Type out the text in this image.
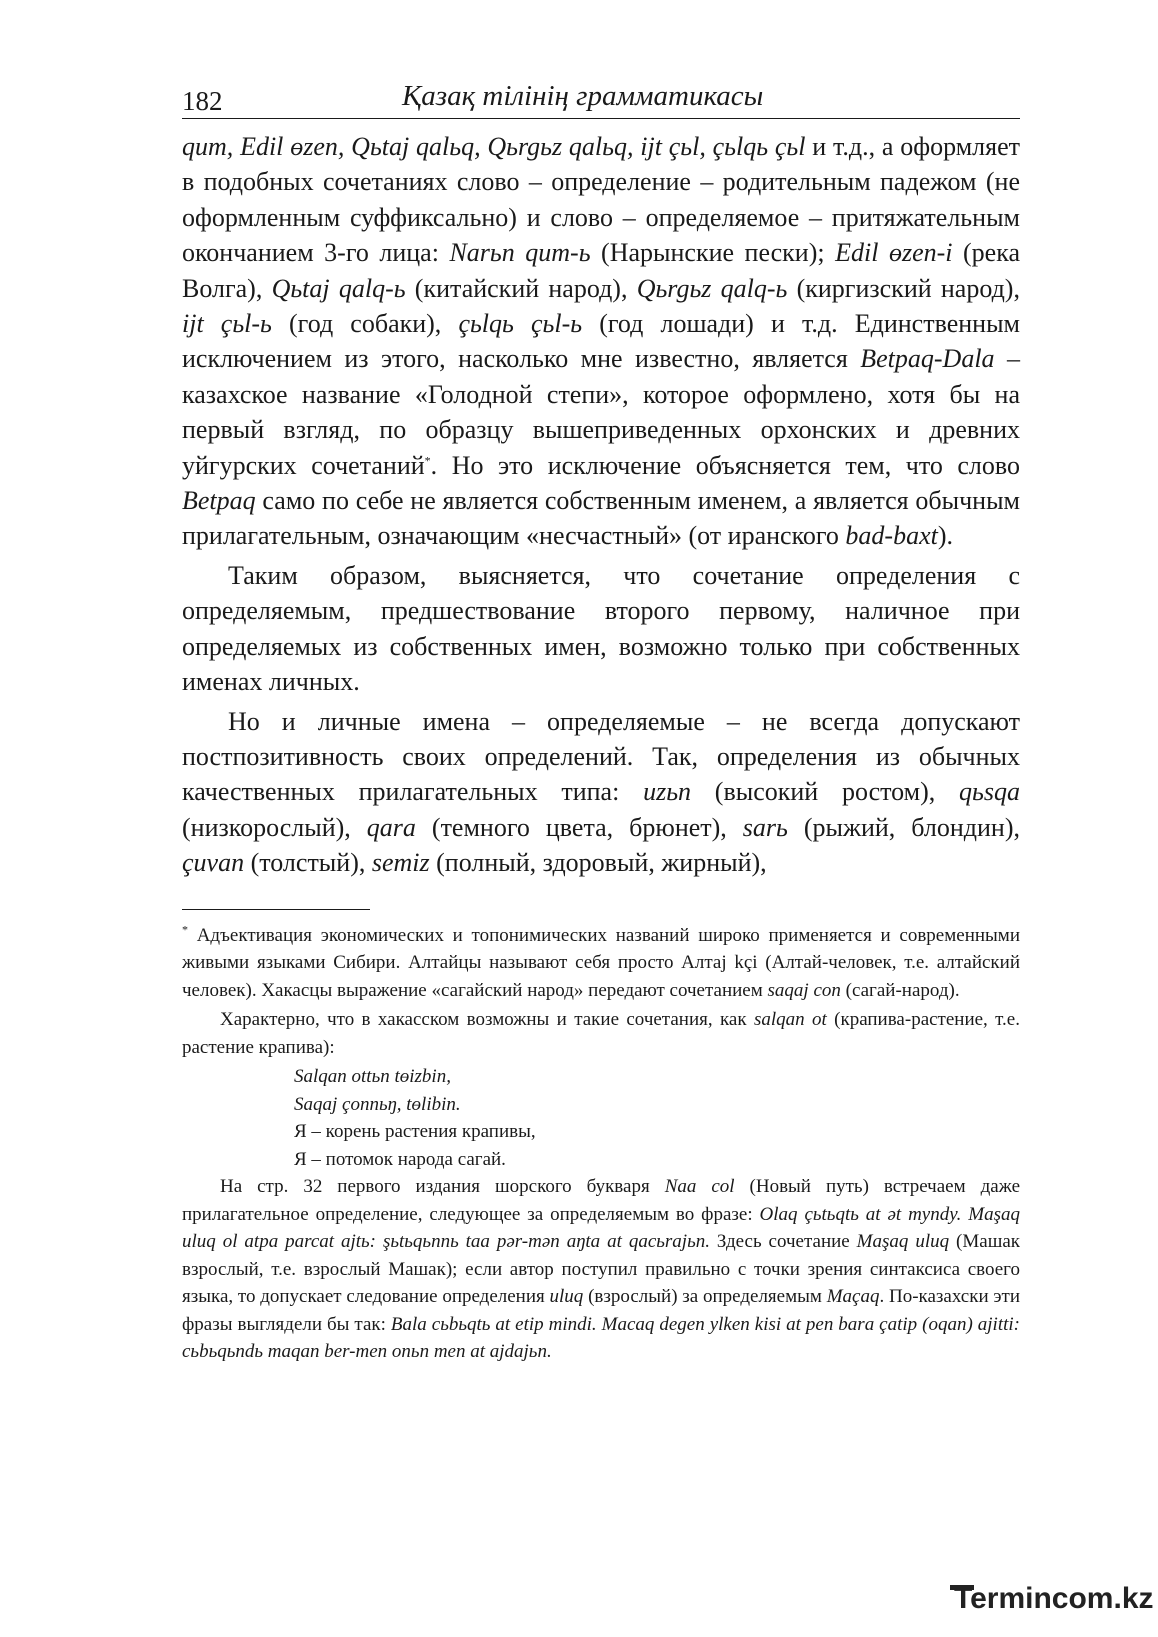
182	Қазақ тілінің грамматикасы

qum, Edil ɵzen, Qьtaj qalьq, Qьrgьz qalьq, ijt çьl, çьlqь çьl и т.д., а оформляет в подобных сочетаниях слово – определение – родительным падежом (не оформленным суффиксально) и слово – определяемое – притяжательным окончанием 3-го лица: Narьn qum-ь (Нарынские пески); Edil ɵzen-i (река Волга), Qьtaj qalq-ь (китайский народ), Qьrgьz qalq-ь (киргизский народ), ijt çьl-ь (год собаки), çьlqь çьl-ь (год лошади) и т.д. Единственным исключением из этого, насколько мне известно, является Betpaq-Dala – казахское название «Голодной степи», которое оформлено, хотя бы на первый взгляд, по образцу вышеприведенных орхонских и древних уйгурских сочетаний*. Но это исключение объясняется тем, что слово Betpaq само по себе не является собственным именем, а является обычным прилагательным, означающим «несчастный» (от иранского bad-baxt).

Таким образом, выясняется, что сочетание определения с определяемым, предшествование второго первому, наличное при определяемых из собственных имен, возможно только при собственных именах личных.

Но и личные имена – определяемые – не всегда допускают постпозитивность своих определений. Так, определения из обычных качественных прилагательных типа: uzьn (высокий ростом), qьsqa (низкорослый), qara (темного цвета, брюнет), sarь (рыжий, блондин), çuvan (толстый), semiz (полный, здоровый, жирный),

* Адъективация экономических и топонимических названий широко применяется и современными живыми языками Сибири. Алтайцы называют себя просто Алтај kçi (Алтай-человек, т.е. алтайский человек). Хакасцы выражение «сагайский народ» передают сочетанием saqaj con (сагай-народ).

Характерно, что в хакасском возможны и такие сочетания, как salqan ot (крапива-растение, т.е. растение крапива):

Salqan ottьn tɵizbin,
Saqaj çonnьŋ, tɵlibin.
Я – корень растения крапивы,
Я – потомок народа сагай.

На стр. 32 первого издания шорского букваря Naa col (Новый путь) встречаем даже прилагательное определение, следующее за определяемым во фразе: Olaq çьtьqtь at ət myndy. Maşaq uluq ol atpa parcat ajtь: şьtьqьnnь taa pər-mən aŋta at qacьrajьn. Здесь сочетание Maşaq uluq (Машак взрослый, т.е. взрослый Машак); если автор поступил правильно с точки зрения синтаксиса своего языка, то допускает следование определения uluq (взрослый) за определяемым Maçaq. По-казахски эти фразы выглядели бы так: Bala cьbьqtь at etip mindi. Macaq degen ylken kisi at pen bara çatip (oqan) ajitti: cьbьqьndь maqan ber-men onьn men at ajdajьn.

Termincom.kz
